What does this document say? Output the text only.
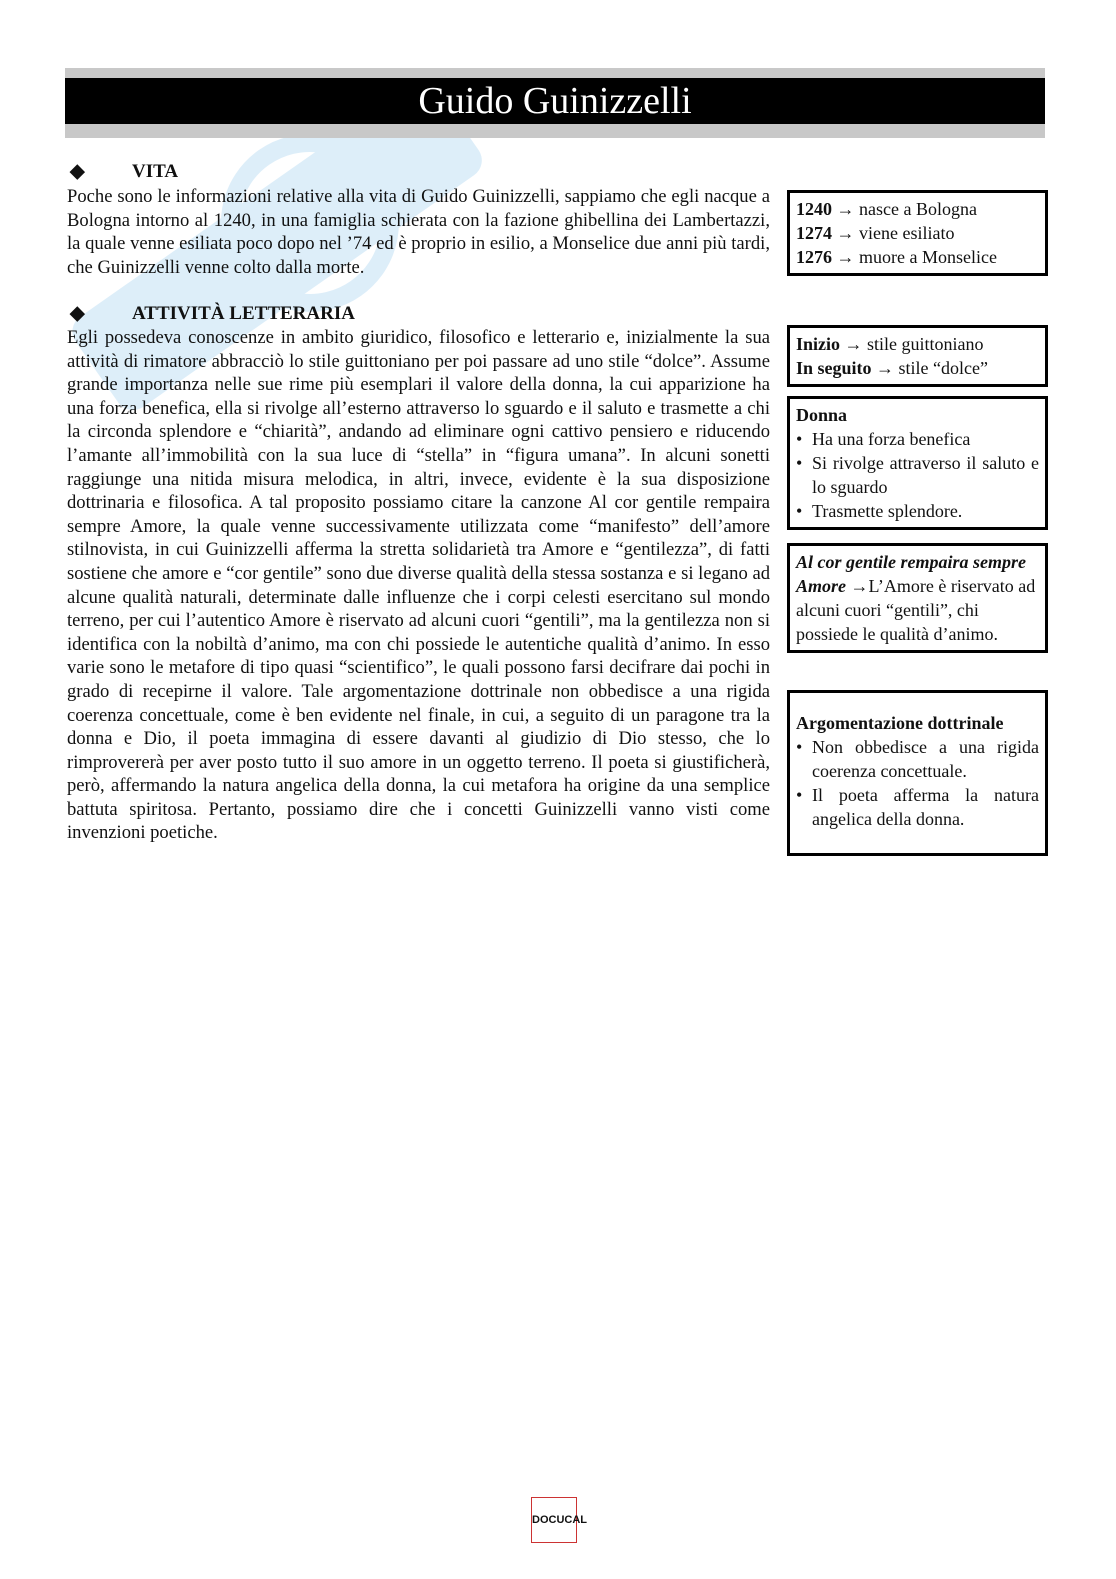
Guido Guinizzelli
◆ VITA

Poche sono le informazioni relative alla vita di Guido Guinizzelli, sappiamo che egli nacque a Bologna intorno al 1240, in una famiglia schierata con la fazione ghibellina dei Lambertazzi, la quale venne esiliata poco dopo nel ’74 ed è proprio in esilio, a Monselice due anni più tardi, che Guinizzelli venne colto dalla morte.

◆ ATTIVITÀ LETTERARIA

Egli possedeva conoscenze in ambito giuridico, filosofico e letterario e, inizialmente la sua attività di rimatore abbracciò lo stile guittoniano per poi passare ad uno stile “dolce”. Assume grande importanza nelle sue rime più esemplari il valore della donna, la cui apparizione ha una forza benefica, ella si rivolge all’esterno attraverso lo sguardo e il saluto e trasmette a chi la circonda splendore e “chiarità”, andando ad eliminare ogni cattivo pensiero e riducendo l’amante all’immobilità con la sua luce di “stella” in “figura umana”. In alcuni sonetti raggiunge una nitida misura melodica, in altri, invece, evidente è la sua disposizione dottrinaria e filosofica. A tal proposito possiamo citare la canzone Al cor gentile rempaira sempre Amore, la quale venne successivamente utilizzata come “manifesto” dell’amore stilnovista, in cui Guinizzelli afferma la stretta solidarietà tra Amore e “gentilezza”, di fatti sostiene che amore e “cor gentile” sono due diverse qualità della stessa sostanza e si legano ad alcune qualità naturali, determinate dalle influenze che i corpi celesti esercitano sul mondo terreno, per cui l’autentico Amore è riservato ad alcuni cuori “gentili”, ma la gentilezza non si identifica con la nobiltà d’animo, ma con chi possiede le autentiche qualità d’animo. In esso varie sono le metafore di tipo quasi “scientifico”, le quali possono farsi decifrare dai pochi in grado di recepirne il valore. Tale argomentazione dottrinale non obbedisce a una rigida coerenza concettuale, come è ben evidente nel finale, in cui, a seguito di un paragone tra la donna e Dio, il poeta immagina di essere davanti al giudizio di Dio stesso, che lo rimprovererà per aver posto tutto il suo amore in un oggetto terreno. Il poeta si giustificherà, però, affermando la natura angelica della donna, la cui metafora ha origine da una semplice battuta spiritosa. Pertanto, possiamo dire che i concetti Guinizzelli vanno visti come invenzioni poetiche.

1240 → nasce a Bologna
1274 → viene esiliato
1276 → muore a Monselice
Inizio → stile guittoniano
In seguito → stile “dolce”
Donna
• Ha una forza benefica
• Si rivolge attraverso il saluto e lo sguardo
• Trasmette splendore.
Al cor gentile rempaira sempre Amore →L’Amore è riservato ad alcuni cuori “gentili”, chi possiede le qualità d’animo.
Argomentazione dottrinale
• Non obbedisce a una rigida coerenza concettuale.
• Il poeta afferma la natura angelica della donna.
DOCUCAL
